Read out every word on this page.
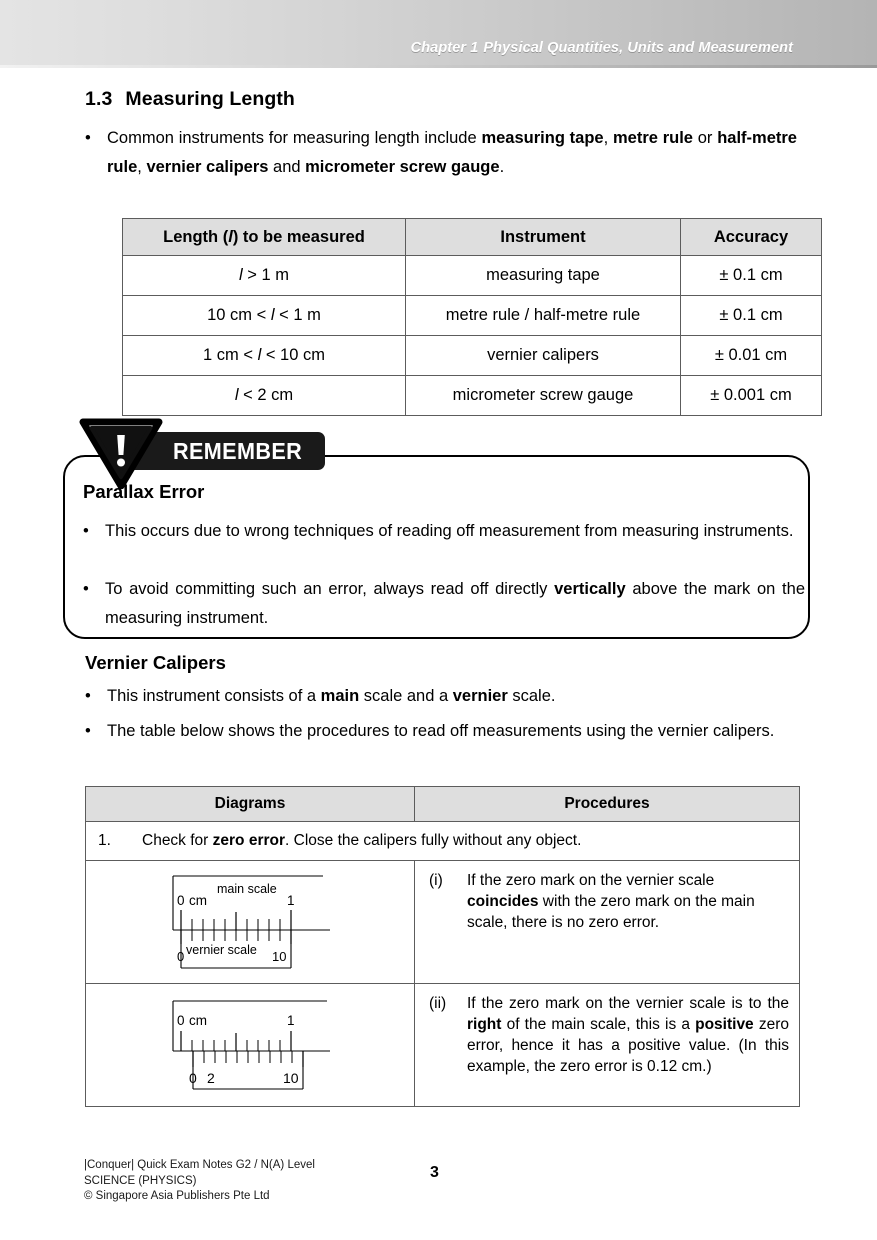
Chapter 1 Physical Quantities, Units and Measurement
1.3 Measuring Length
• Common instruments for measuring length include measuring tape, metre rule or half-metre rule, vernier calipers and micrometer screw gauge.
Length (l) to be measured	Instrument	Accuracy
l > 1 m	measuring tape	± 0.1 cm
10 cm < l < 1 m	metre rule / half-metre rule	± 0.1 cm
1 cm < l < 10 cm	vernier calipers	± 0.01 cm
l < 2 cm	micrometer screw gauge	± 0.001 cm
REMEMBER
Parallax Error
• This occurs due to wrong techniques of reading off measurement from measuring instruments.
• To avoid committing such an error, always read off directly vertically above the mark on the measuring instrument.
Vernier Calipers
• This instrument consists of a main scale and a vernier scale.
• The table below shows the procedures to read off measurements using the vernier calipers.
Diagrams	Procedures
1. Check for zero error. Close the calipers fully without any object.	

main scale
0 cm	1
0 vernier scale 10

(i)	If the zero mark on the vernier scale coincides with the zero mark on the main scale, there is no zero error.

0 cm	1
0 2	10

(ii)	If the zero mark on the vernier scale is to the right of the main scale, this is a positive zero error, hence it has a positive value. (In this example, the zero error is 0.12 cm.)
|Conquer| Quick Exam Notes G2 / N(A) Level
SCIENCE (PHYSICS)
© Singapore Asia Publishers Pte Ltd
3
